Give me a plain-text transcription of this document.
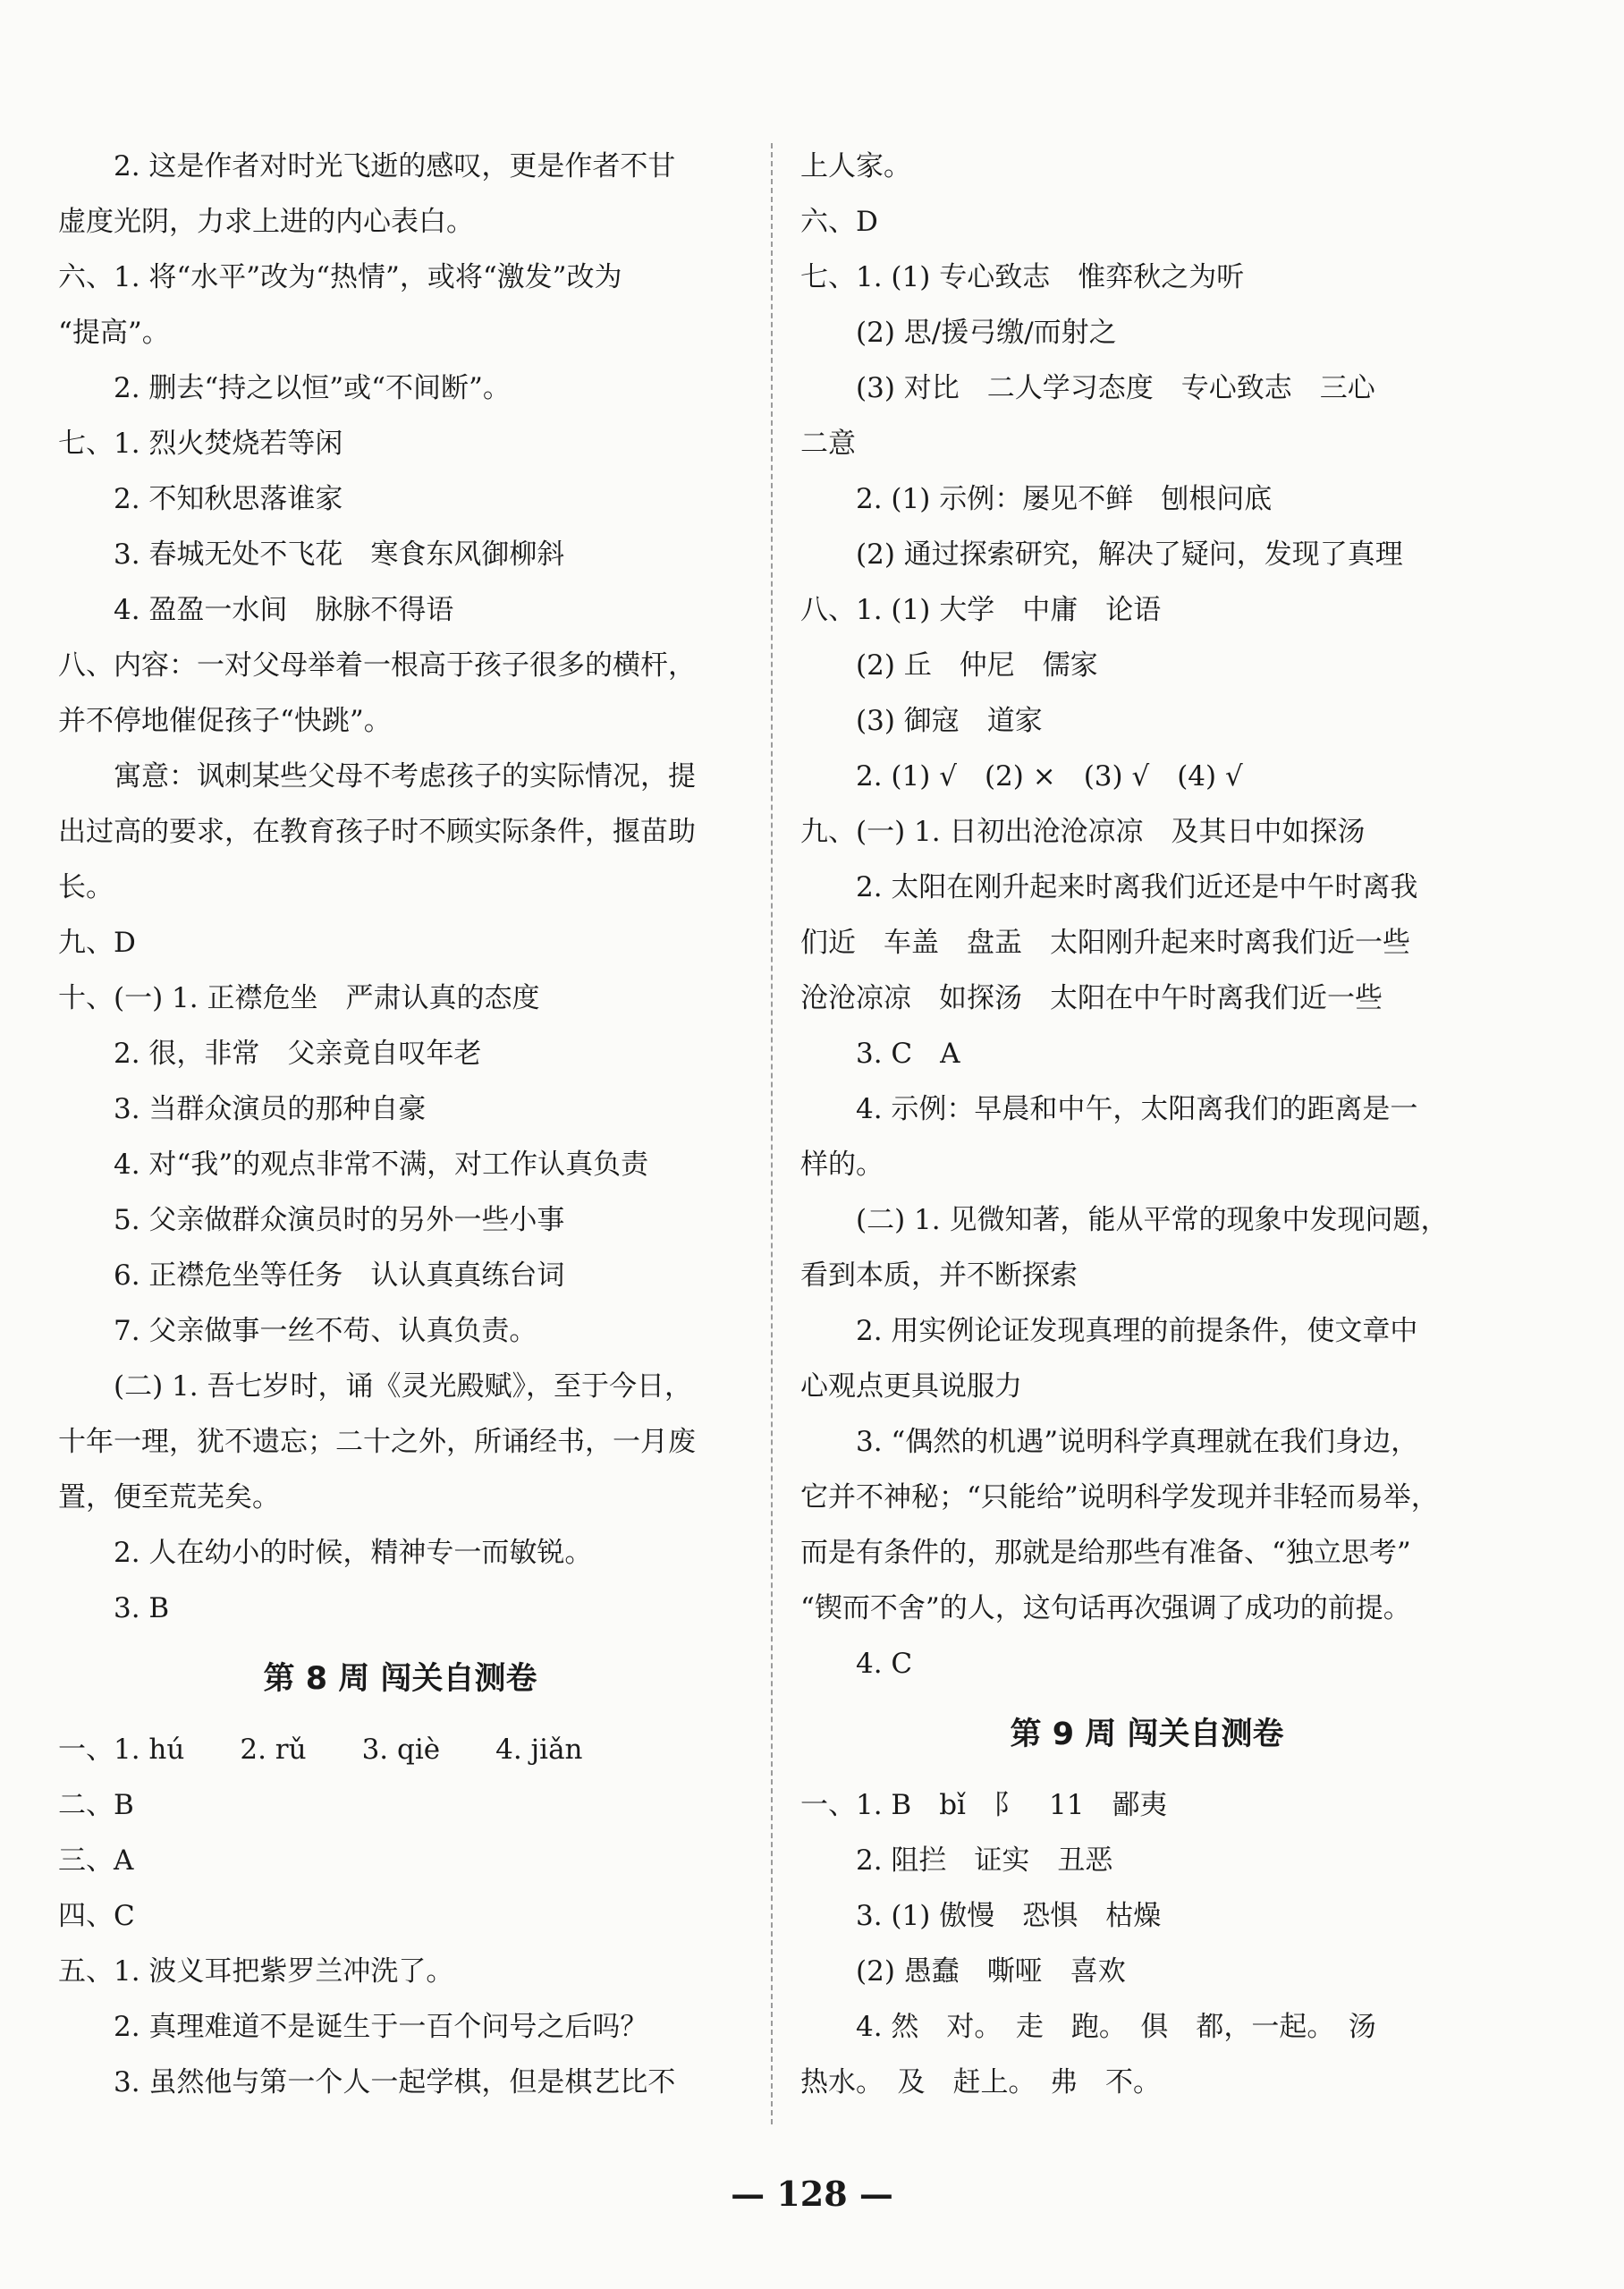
　　2. 这是作者对时光飞逝的感叹，更是作者不甘
虚度光阴，力求上进的内心表白。
六、1. 将“水平”改为“热情”，或将“激发”改为
“提高”。
　　2. 删去“持之以恒”或“不间断”。
七、1. 烈火焚烧若等闲
　　2. 不知秋思落谁家
　　3. 春城无处不飞花　寒食东风御柳斜
　　4. 盈盈一水间　脉脉不得语
八、内容：一对父母举着一根高于孩子很多的横杆，
并不停地催促孩子“快跳”。
　　寓意：讽刺某些父母不考虑孩子的实际情况，提
出过高的要求，在教育孩子时不顾实际条件，揠苗助
长。
九、D
十、(一) 1. 正襟危坐　严肃认真的态度
　　2. 很，非常　父亲竟自叹年老
　　3. 当群众演员的那种自豪
　　4. 对“我”的观点非常不满，对工作认真负责
　　5. 父亲做群众演员时的另外一些小事
　　6. 正襟危坐等任务　认认真真练台词
　　7. 父亲做事一丝不苟、认真负责。
　　(二) 1. 吾七岁时，诵《灵光殿赋》，至于今日，
十年一理，犹不遗忘；二十之外，所诵经书，一月废
置，便至荒芜矣。
　　2. 人在幼小的时候，精神专一而敏锐。
　　3. B
第 8 周 闯关自测卷
一、1. hú　　2. rǔ　　3. qiè　　4. jiǎn
二、B
三、A
四、C
五、1. 波义耳把紫罗兰冲洗了。
　　2. 真理难道不是诞生于一百个问号之后吗？
　　3. 虽然他与第一个人一起学棋，但是棋艺比不
上人家。
六、D
七、1. (1) 专心致志　惟弈秋之为听
　　(2) 思/援弓缴/而射之
　　(3) 对比　二人学习态度　专心致志　三心
二意
　　2. (1) 示例：屡见不鲜　刨根问底
　　(2) 通过探索研究，解决了疑问，发现了真理
八、1. (1) 大学　中庸　论语
　　(2) 丘　仲尼　儒家
　　(3) 御寇　道家
　　2. (1) √　(2) ×　(3) √　(4) √
九、(一) 1. 日初出沧沧凉凉　及其日中如探汤
　　2. 太阳在刚升起来时离我们近还是中午时离我
们近　车盖　盘盂　太阳刚升起来时离我们近一些
沧沧凉凉　如探汤　太阳在中午时离我们近一些
　　3. C　A
　　4. 示例：早晨和中午，太阳离我们的距离是一
样的。
　　(二) 1. 见微知著，能从平常的现象中发现问题，
看到本质，并不断探索
　　2. 用实例论证发现真理的前提条件，使文章中
心观点更具说服力
　　3. “偶然的机遇”说明科学真理就在我们身边，
它并不神秘；“只能给”说明科学发现并非轻而易举，
而是有条件的，那就是给那些有准备、“独立思考”
“锲而不舍”的人，这句话再次强调了成功的前提。
　　4. C
第 9 周 闯关自测卷
一、1. B　bǐ　阝　11　鄙夷
　　2. 阻拦　证实　丑恶
　　3. (1) 傲慢　恐惧　枯燥
　　(2) 愚蠢　嘶哑　喜欢
　　4. 然　对。　走　跑。　俱　都，一起。　汤
热水。　及　赶上。　弗　不。
— 128 —
